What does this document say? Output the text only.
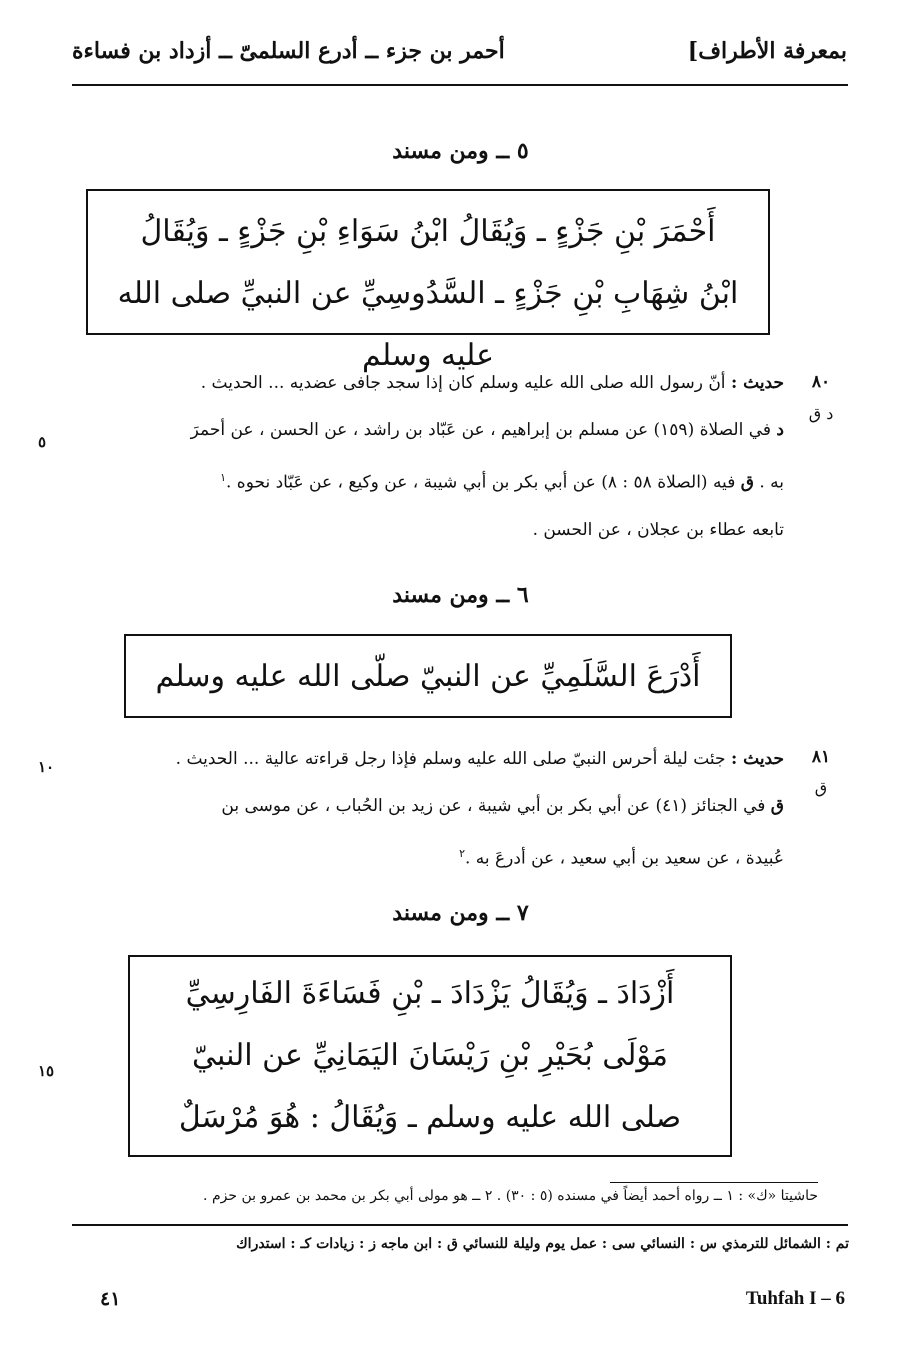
بمعرفة الأطراف]
أحمر بن جزء ــ أدرع السلمىّ ــ أزداد بن فساءة
٥ ــ ومن مسند
أَحْمَرَ بْنِ جَزْءٍ ـ وَيُقَالُ ابْنُ سَوَاءِ بْنِ جَزْءٍ ـ وَيُقَالُ
ابْنُ شِهَابِ بْنِ جَزْءٍ ـ السَّدُوسِيِّ عن النبيِّ صلى الله عليه وسلم
٨٠
د ق
٥
حديث : أنّ رسول الله صلى الله عليه وسلم كان إذا سجد جافى عضديه ... الحديث .
د في الصلاة (١٥٩) عن مسلم بن إبراهيم ، عن عَبّاد بن راشد ، عن الحسن ، عن أحمرَ
به . ق فيه (الصلاة ٥٨ : ٨) عن أبي بكر بن أبي شيبة ، عن وكيع ، عن عَبّاد نحوه .$^١$
تابعه عطاء بن عجلان ، عن الحسن .
٦ ــ ومن مسند
أَدْرَعَ السَّلَمِيِّ عن النبيّ صلّى الله عليه وسلم
٨١
ق
١٠	حديث : جئت ليلة أحرس النبيّ صلى الله عليه وسلم فإذا رجل قراءته عالية ... الحديث .
ق في الجنائز (٤١) عن أبي بكر بن أبي شيبة ، عن زيد بن الحُباب ، عن موسى بن
عُبيدة ، عن سعيد بن أبي سعيد ، عن أدرعَ به .$^٢$
٧ ــ ومن مسند
أَزْدَادَ ـ وَيُقَالُ يَزْدَادَ ـ بْنِ فَسَاءَةَ الفَارِسِيِّ
مَوْلَى بُحَيْرِ بْنِ رَيْسَانَ اليَمَانِيِّ عن النبيّ
صلى الله عليه وسلم ـ وَيُقَالُ : هُوَ مُرْسَلٌ
١٥
حاشيتا «ك» : ١ ــ رواه أحمد أيضاً في مسنده (٥ : ٣٠) . ٢ ــ هو مولى أبي بكر بن محمد بن عمرو بن حزم .
تم : الشمائل للترمذي س : النسائي سى : عمل يوم وليلة للنسائي ق : ابن ماجه ز : زيادات كـ : استدراك
٤١	Tuhfah I – 6
